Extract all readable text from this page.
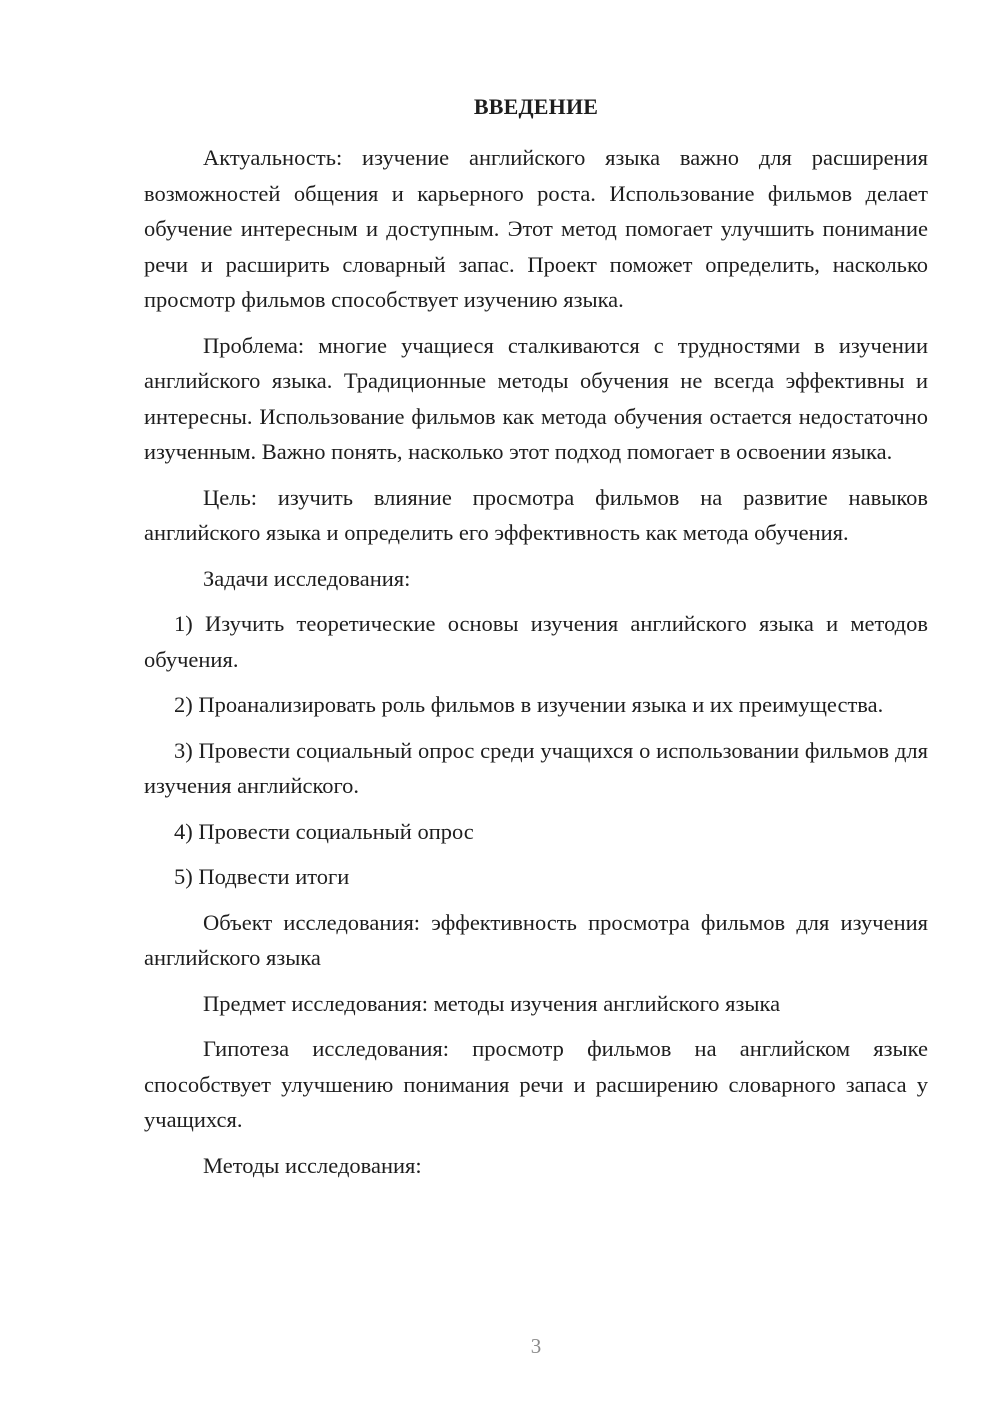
ВВЕДЕНИЕ

Актуальность: изучение английского языка важно для расширения возможностей общения и карьерного роста. Использование фильмов делает обучение интересным и доступным. Этот метод помогает улучшить понимание речи и расширить словарный запас. Проект поможет определить, насколько просмотр фильмов способствует изучению языка.

Проблема: многие учащиеся сталкиваются с трудностями в изучении английского языка. Традиционные методы обучения не всегда эффективны и интересны. Использование фильмов как метода обучения остается недостаточно изученным. Важно понять, насколько этот подход помогает в освоении языка.

Цель: изучить влияние просмотра фильмов на развитие навыков английского языка и определить его эффективность как метода обучения.

Задачи исследования:

1) Изучить теоретические основы изучения английского языка и методов обучения.

2) Проанализировать роль фильмов в изучении языка и их преимущества.

3) Провести социальный опрос среди учащихся о использовании фильмов для изучения английского.

4) Провести социальный опрос

5) Подвести итоги

Объект исследования: эффективность просмотра фильмов для изучения английского языка

Предмет исследования: методы изучения английского языка

Гипотеза исследования: просмотр фильмов на английском языке способствует улучшению понимания речи и расширению словарного запаса у учащихся.

Методы исследования:

3
